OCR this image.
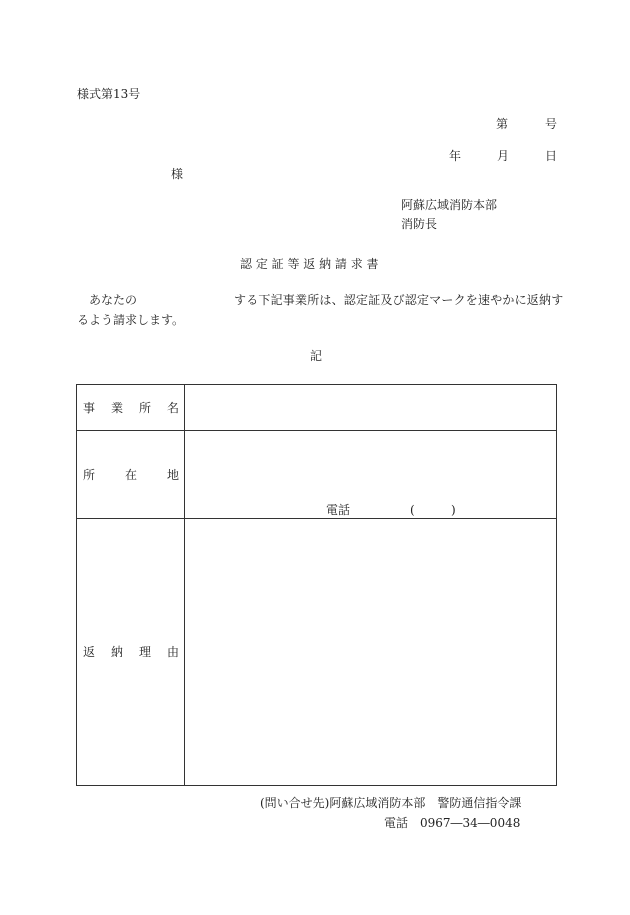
様式第13号
第	号
年	月	日
様
阿蘇広域消防本部
消防長
認 定 証 等 返 納 請 求 書
あなたの	する下記事業所は、認定証及び認定マークを速やかに返納す
るよう請求します。
記
事業所名
所在地
電話	(	)
返納理由
(問い合せ先)阿蘇広域消防本部　警防通信指令課
電話　0967―34―0048
